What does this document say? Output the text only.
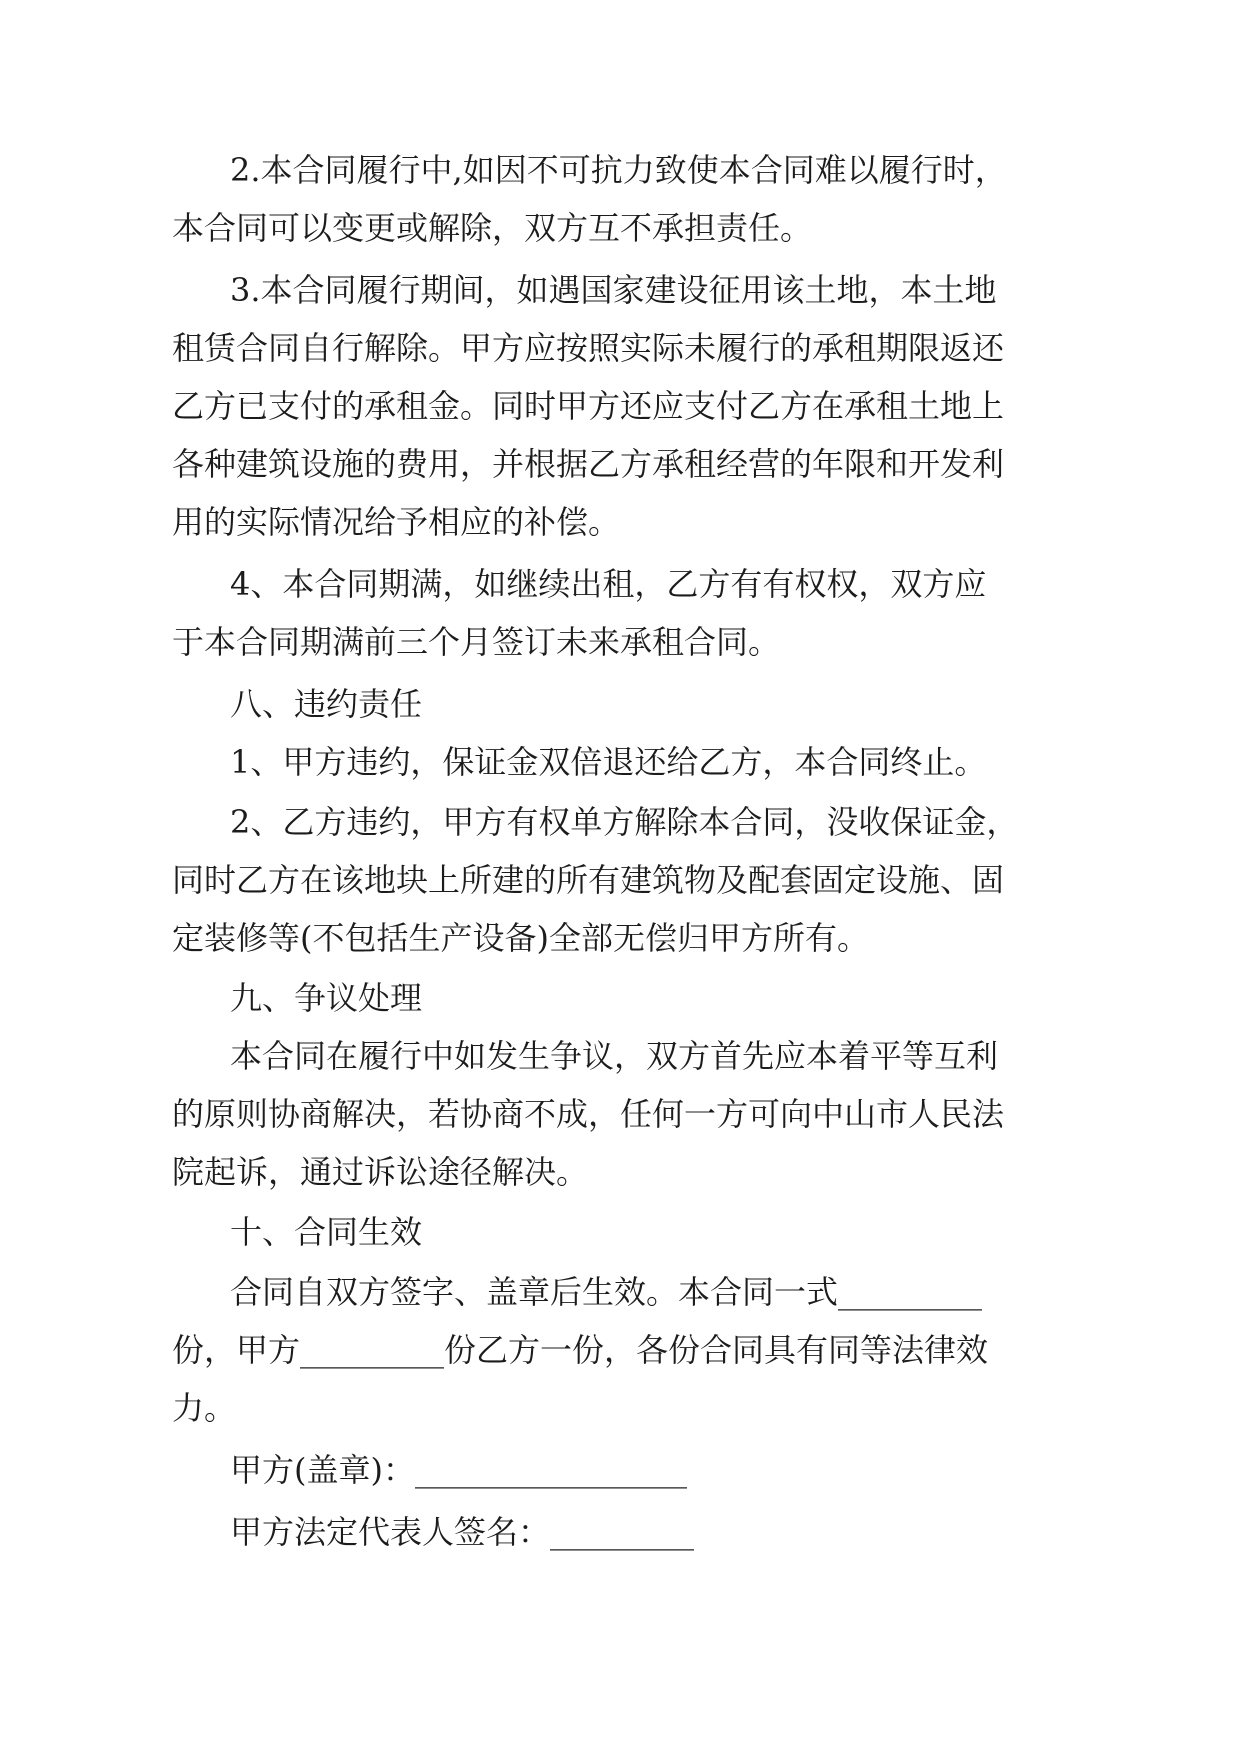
2.本合同履行中,如因不可抗力致使本合同难以履行时，
本合同可以变更或解除，双方互不承担责任。
3.本合同履行期间，如遇国家建设征用该土地，本土地
租赁合同自行解除。甲方应按照实际未履行的承租期限返还
乙方已支付的承租金。同时甲方还应支付乙方在承租土地上
各种建筑设施的费用，并根据乙方承租经营的年限和开发利
用的实际情况给予相应的补偿。
4、本合同期满，如继续出租，乙方有有权权，双方应
于本合同期满前三个月签订未来承租合同。
八、违约责任
1、甲方违约，保证金双倍退还给乙方，本合同终止。
2、乙方违约，甲方有权单方解除本合同，没收保证金，
同时乙方在该地块上所建的所有建筑物及配套固定设施、固
定装修等(不包括生产设备)全部无偿归甲方所有。
九、争议处理
本合同在履行中如发生争议，双方首先应本着平等互利
的原则协商解决，若协商不成，任何一方可向中山市人民法
院起诉，通过诉讼途径解决。
十、合同生效
合同自双方签字、盖章后生效。本合同一式_________
份，甲方_________份乙方一份，各份合同具有同等法律效
力。
甲方(盖章)：_________________
甲方法定代表人签名：_________
